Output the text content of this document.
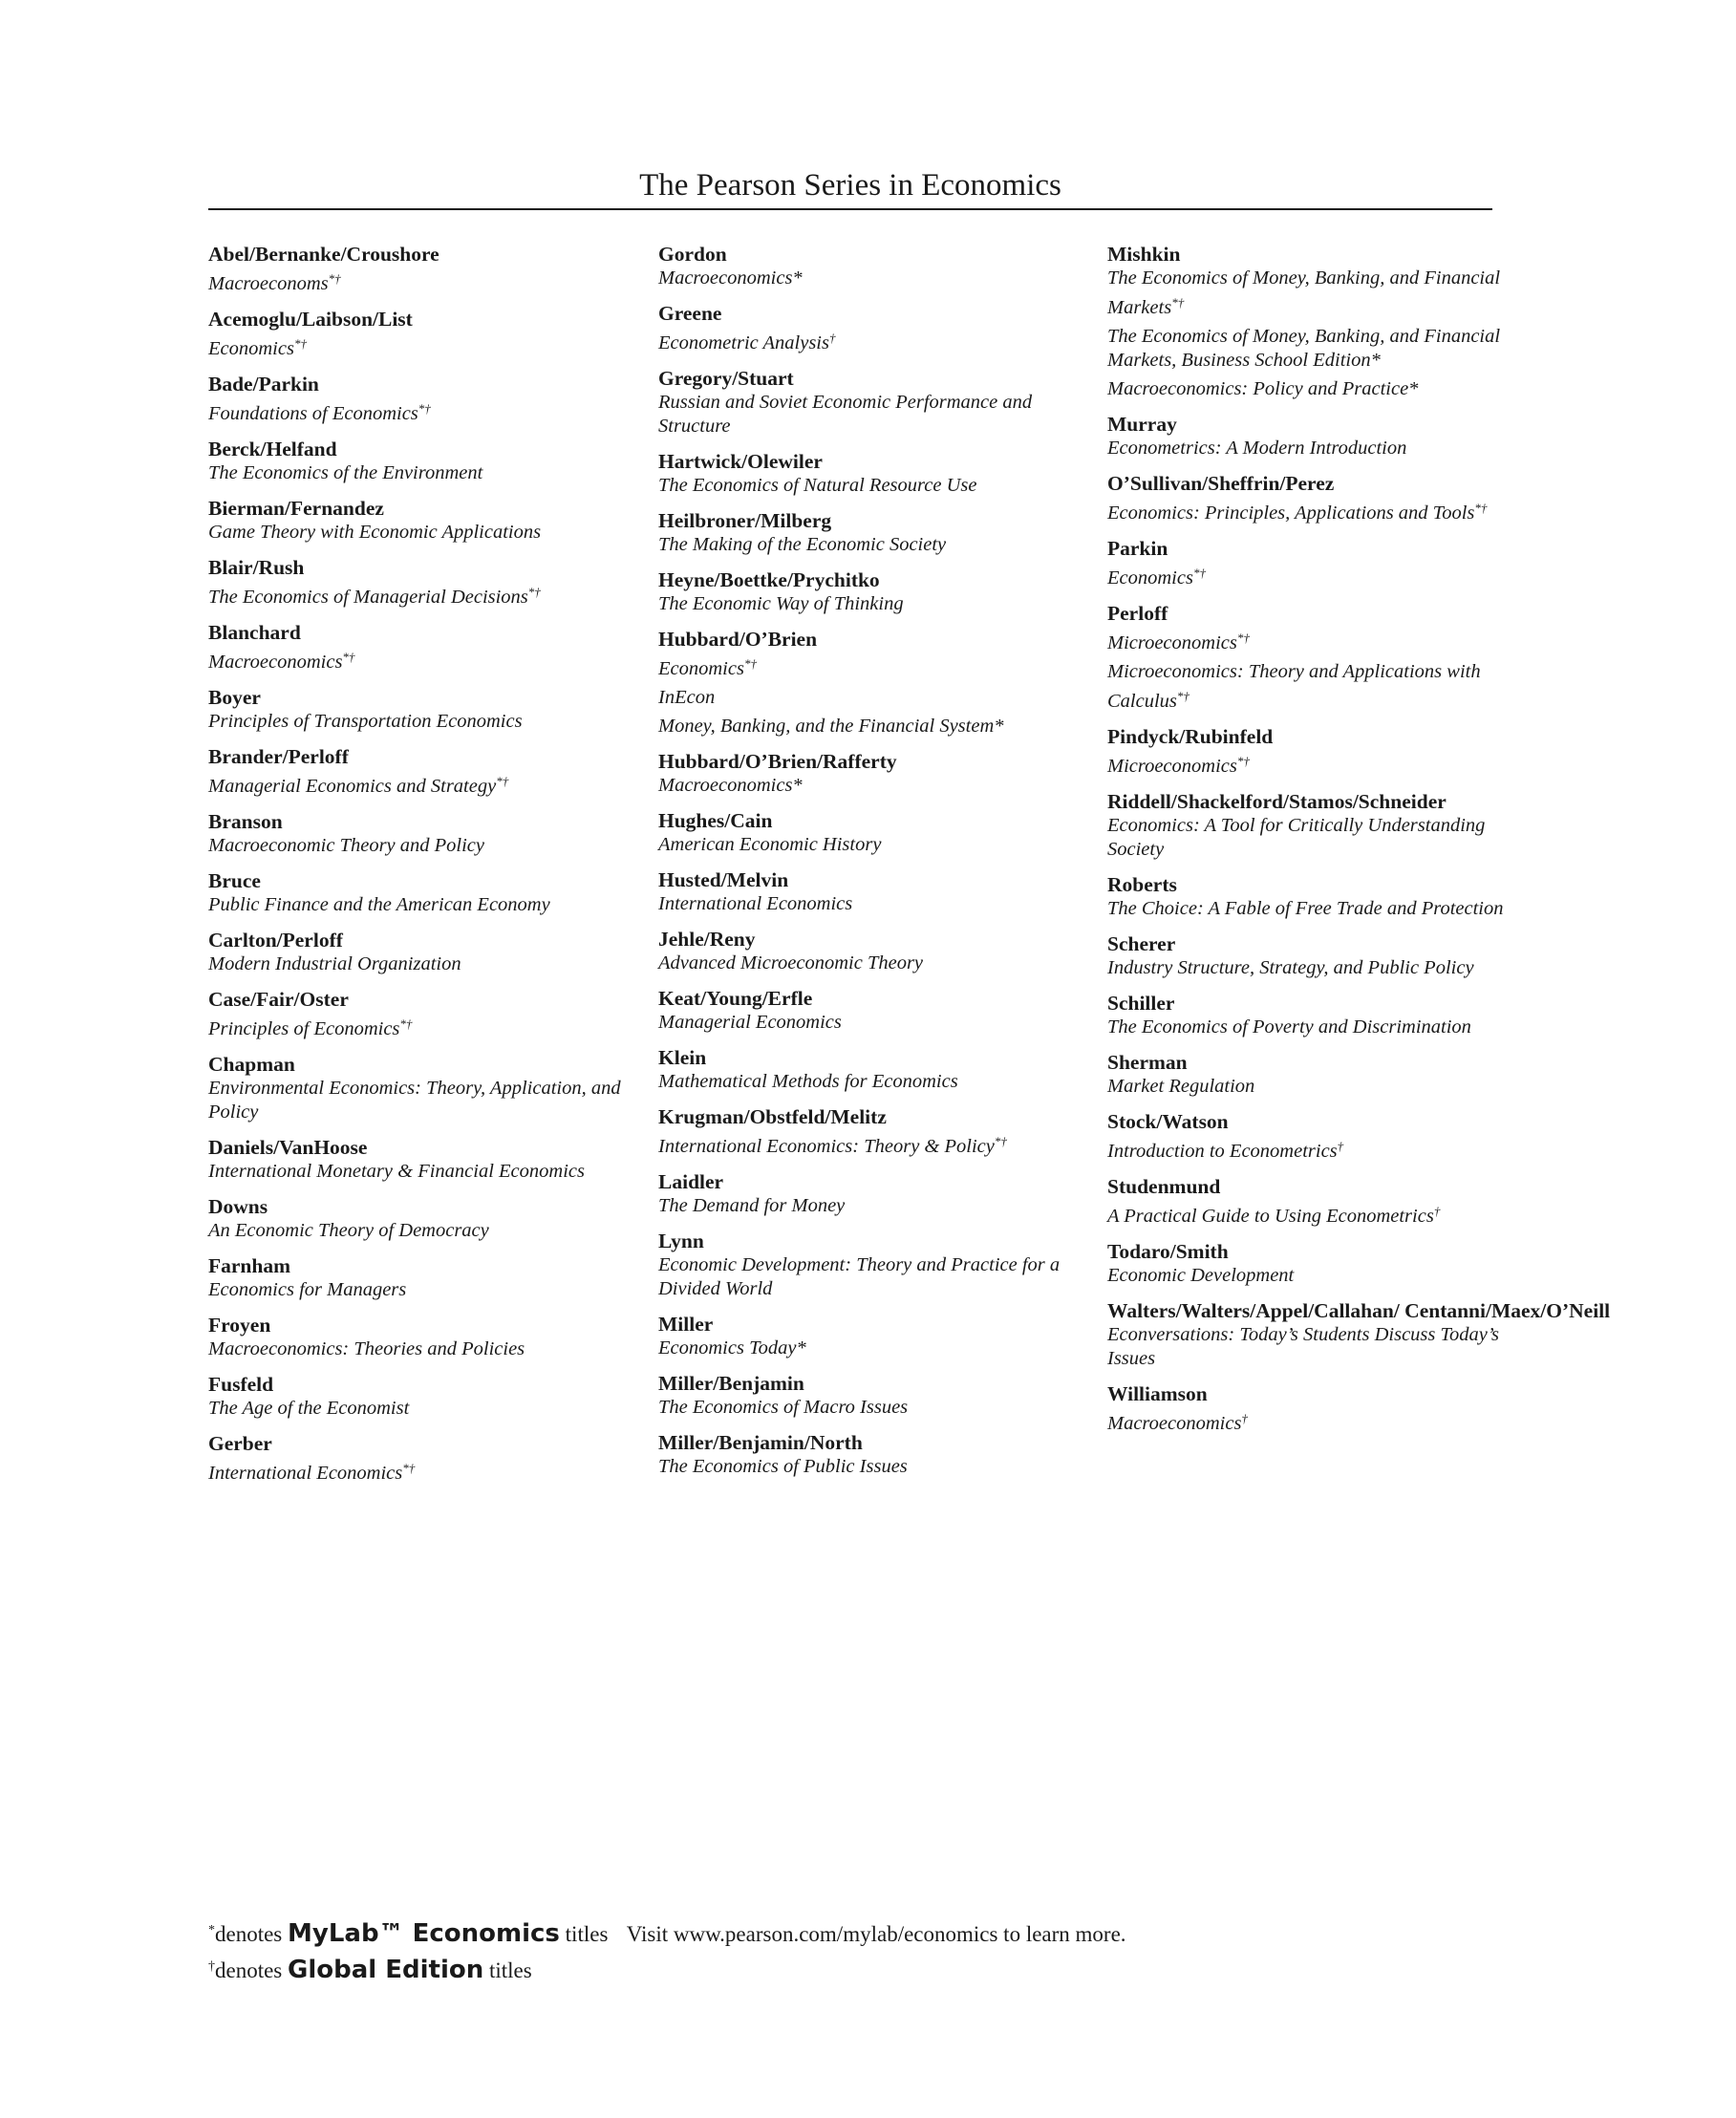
The Pearson Series in Economics
Abel/Bernanke/Croushore
Macroeconoms*†
Acemoglu/Laibson/List
Economics*†
Bade/Parkin
Foundations of Economics*†
Berck/Helfand
The Economics of the Environment
Bierman/Fernandez
Game Theory with Economic Applications
Blair/Rush
The Economics of Managerial Decisions*†
Blanchard
Macroeconomics*†
Boyer
Principles of Transportation Economics
Brander/Perloff
Managerial Economics and Strategy*†
Branson
Macroeconomic Theory and Policy
Bruce
Public Finance and the American Economy
Carlton/Perloff
Modern Industrial Organization
Case/Fair/Oster
Principles of Economics*†
Chapman
Environmental Economics: Theory, Application, and Policy
Daniels/VanHoose
International Monetary & Financial Economics
Downs
An Economic Theory of Democracy
Farnham
Economics for Managers
Froyen
Macroeconomics: Theories and Policies
Fusfeld
The Age of the Economist
Gerber
International Economics*†
Gordon
Macroeconomics*
Greene
Econometric Analysis†
Gregory/Stuart
Russian and Soviet Economic Performance and Structure
Hartwick/Olewiler
The Economics of Natural Resource Use
Heilbroner/Milberg
The Making of the Economic Society
Heyne/Boettke/Prychitko
The Economic Way of Thinking
Hubbard/O’Brien
Economics*†
InEcon
Money, Banking, and the Financial System*
Hubbard/O’Brien/Rafferty
Macroeconomics*
Hughes/Cain
American Economic History
Husted/Melvin
International Economics
Jehle/Reny
Advanced Microeconomic Theory
Keat/Young/Erfle
Managerial Economics
Klein
Mathematical Methods for Economics
Krugman/Obstfeld/Melitz
International Economics: Theory & Policy*†
Laidler
The Demand for Money
Lynn
Economic Development: Theory and Practice for a Divided World
Miller
Economics Today*
Miller/Benjamin
The Economics of Macro Issues
Miller/Benjamin/North
The Economics of Public Issues
Mishkin
The Economics of Money, Banking, and Financial Markets*†
The Economics of Money, Banking, and Financial Markets, Business School Edition*
Macroeconomics: Policy and Practice*
Murray
Econometrics: A Modern Introduction
O’Sullivan/Sheffrin/Perez
Economics: Principles, Applications and Tools*†
Parkin
Economics*†
Perloff
Microeconomics*†
Microeconomics: Theory and Applications with Calculus*†
Pindyck/Rubinfeld
Microeconomics*†
Riddell/Shackelford/Stamos/Schneider
Economics: A Tool for Critically Understanding Society
Roberts
The Choice: A Fable of Free Trade and Protection
Scherer
Industry Structure, Strategy, and Public Policy
Schiller
The Economics of Poverty and Discrimination
Sherman
Market Regulation
Stock/Watson
Introduction to Econometrics†
Studenmund
A Practical Guide to Using Econometrics†
Todaro/Smith
Economic Development
Walters/Walters/Appel/Callahan/ Centanni/Maex/O’Neill
Econversations: Today’s Students Discuss Today’s Issues
Williamson
Macroeconomics†
*denotes MyLab™ Economics titles Visit www.pearson.com/mylab/economics to learn more.
†denotes Global Edition titles
